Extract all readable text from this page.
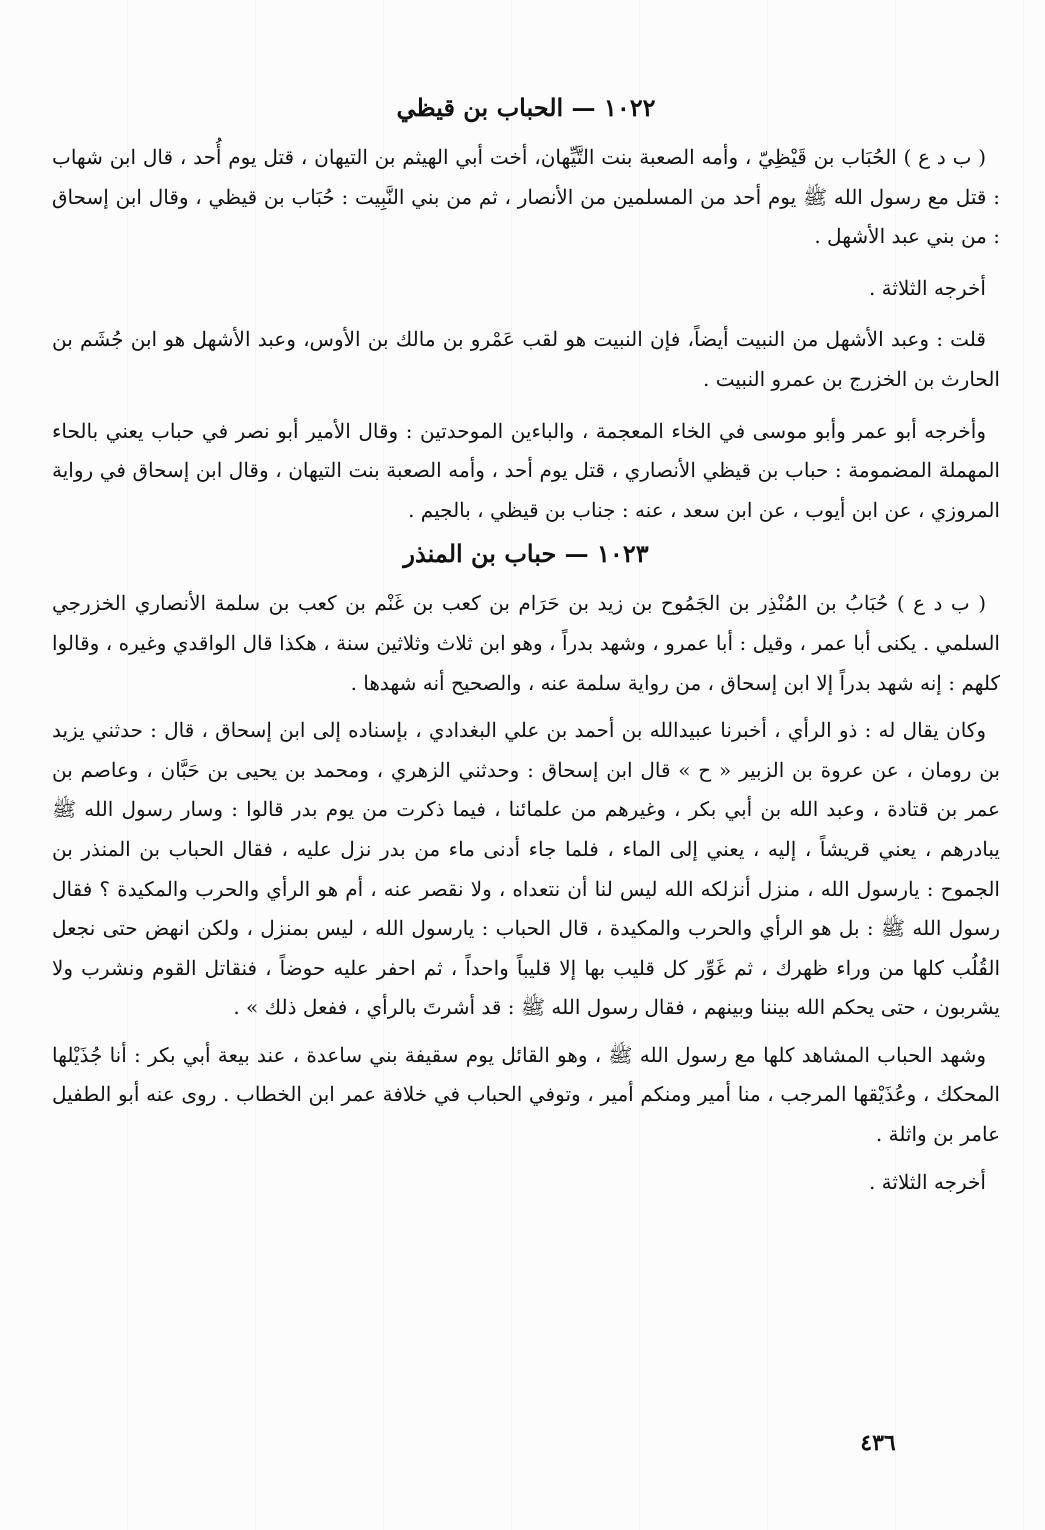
١٠٢٢ — الحباب بن قيظي

( ب د ع ) الحُبَاب بن قَيْظِيّ ، وأمه الصعبة بنت التَّيِّهان، أخت أبي الهيثم بن التيهان ، قتل يوم أُحد ، قال ابن شهاب : قتل مع رسول الله ﷺ يوم أحد من المسلمين من الأنصار ، ثم من بني النَّبِيت : حُبَاب بن قيظي ، وقال ابن إسحاق : من بني عبد الأشهل .

أخرجه الثلاثة .

قلت : وعبد الأشهل من النبيت أيضاً، فإن النبيت هو لقب عَمْرو بن مالك بن الأوس، وعبد الأشهل هو ابن جُشَم بن الحارث بن الخزرج بن عمرو النبيت .

وأخرجه أبو عمر وأبو موسى في الخاء المعجمة ، والباءين الموحدتين : وقال الأمير أبو نصر في حباب يعني بالحاء المهملة المضمومة : حباب بن قيظي الأنصاري ، قتل يوم أحد ، وأمه الصعبة بنت التيهان ، وقال ابن إسحاق في رواية المروزي ، عن ابن أيوب ، عن ابن سعد ، عنه : جناب بن قيظي ، بالجيم .

١٠٢٣ — حباب بن المنذر

( ب د ع ) حُبَابُ بن المُنْذِر بن الجَمُوح بن زيد بن حَرَام بن كعب بن غَنْم بن كعب بن سلمة الأنصاري الخزرجي السلمي . يكنى أبا عمر ، وقيل : أبا عمرو ، وشهد بدراً ، وهو ابن ثلاث وثلاثين سنة ، هكذا قال الواقدي وغيره ، وقالوا كلهم : إنه شهد بدراً إلا ابن إسحاق ، من رواية سلمة عنه ، والصحيح أنه شهدها .

وكان يقال له : ذو الرأي ، أخبرنا عبيدالله بن أحمد بن علي البغدادي ، بإسناده إلى ابن إسحاق ، قال : حدثني يزيد بن رومان ، عن عروة بن الزبير « ح » قال ابن إسحاق : وحدثني الزهري ، ومحمد بن يحيى بن حَبَّان ، وعاصم بن عمر بن قتادة ، وعبد الله بن أبي بكر ، وغيرهم من علمائنا ، فيما ذكرت من يوم بدر قالوا : وسار رسول الله ﷺ يبادرهم ، يعني قريشاً ، إليه ، يعني إلى الماء ، فلما جاء أدنى ماء من بدر نزل عليه ، فقال الحباب بن المنذر بن الجموح : يارسول الله ، منزل أنزلكه الله ليس لنا أن نتعداه ، ولا نقصر عنه ، أم هو الرأي والحرب والمكيدة ؟ فقال رسول الله ﷺ : بل هو الرأي والحرب والمكيدة ، قال الحباب : يارسول الله ، ليس بمنزل ، ولكن انهض حتى نجعل القُلُب كلها من وراء ظهرك ، ثم غَوِّر كل قليب بها إلا قليباً واحداً ، ثم احفر عليه حوضاً ، فنقاتل القوم ونشرب ولا يشربون ، حتى يحكم الله بيننا وبينهم ، فقال رسول الله ﷺ : قد أشرتَ بالرأي ، ففعل ذلك » .

وشهد الحباب المشاهد كلها مع رسول الله ﷺ ، وهو القائل يوم سقيفة بني ساعدة ، عند بيعة أبي بكر : أنا جُذَيْلها المحكك ، وعُذَيْقها المرجب ، منا أمير ومنكم أمير ، وتوفي الحباب في خلافة عمر ابن الخطاب . روى عنه أبو الطفيل عامر بن واثلة .

أخرجه الثلاثة .

٤٣٦
